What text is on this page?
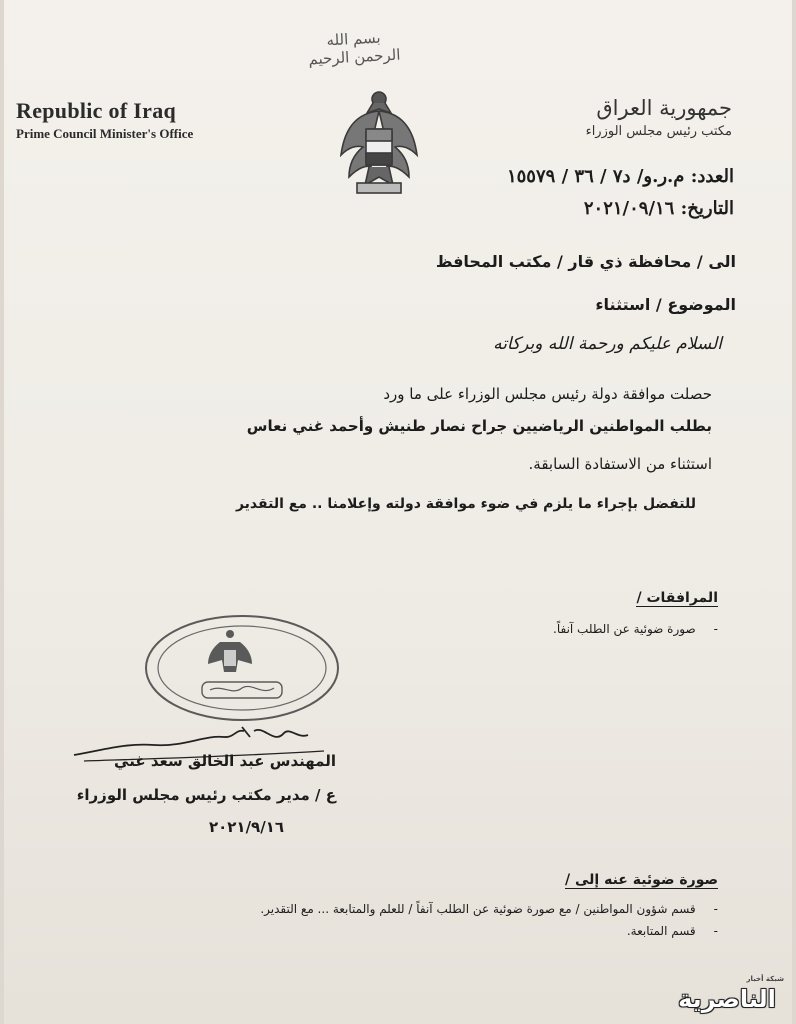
بسم الله الرحمن الرحيم
Republic of Iraq
Prime Council Minister's Office
جمهورية العراق
مكتب رئيس مجلس الوزراء
العدد: م.ر.و/ د٧ / ٣٦ / ١٥٥٧٩
التاريخ: ٢٠٢١/٠٩/١٦
الى / محافظة ذي قار / مكتب المحافظ
الموضوع / استثناء
السلام عليكم ورحمة الله وبركاته
حصلت موافقة دولة رئيس مجلس الوزراء على ما ورد
بطلب المواطنين الرياضيين جراح نصار طنيش وأحمد غني نعاس
استثناء من الاستفادة السابقة.
للتفضل بإجراء ما يلزم في ضوء موافقة دولته وإعلامنا .. مع التقدير
المرافقات /
-صورة ضوئية عن الطلب آنفاً.
المهندس عبد الخالق سعد غني
ع / مدير مكتب رئيس مجلس الوزراء
٢٠٢١/٩/١٦
صورة ضوئية عنه إلى /
-قسم شؤون المواطنين / مع صورة ضوئية عن الطلب آنفاً / للعلم والمتابعة ... مع التقدير.
-قسم المتابعة.
شبكة أخبار
الناصرية
